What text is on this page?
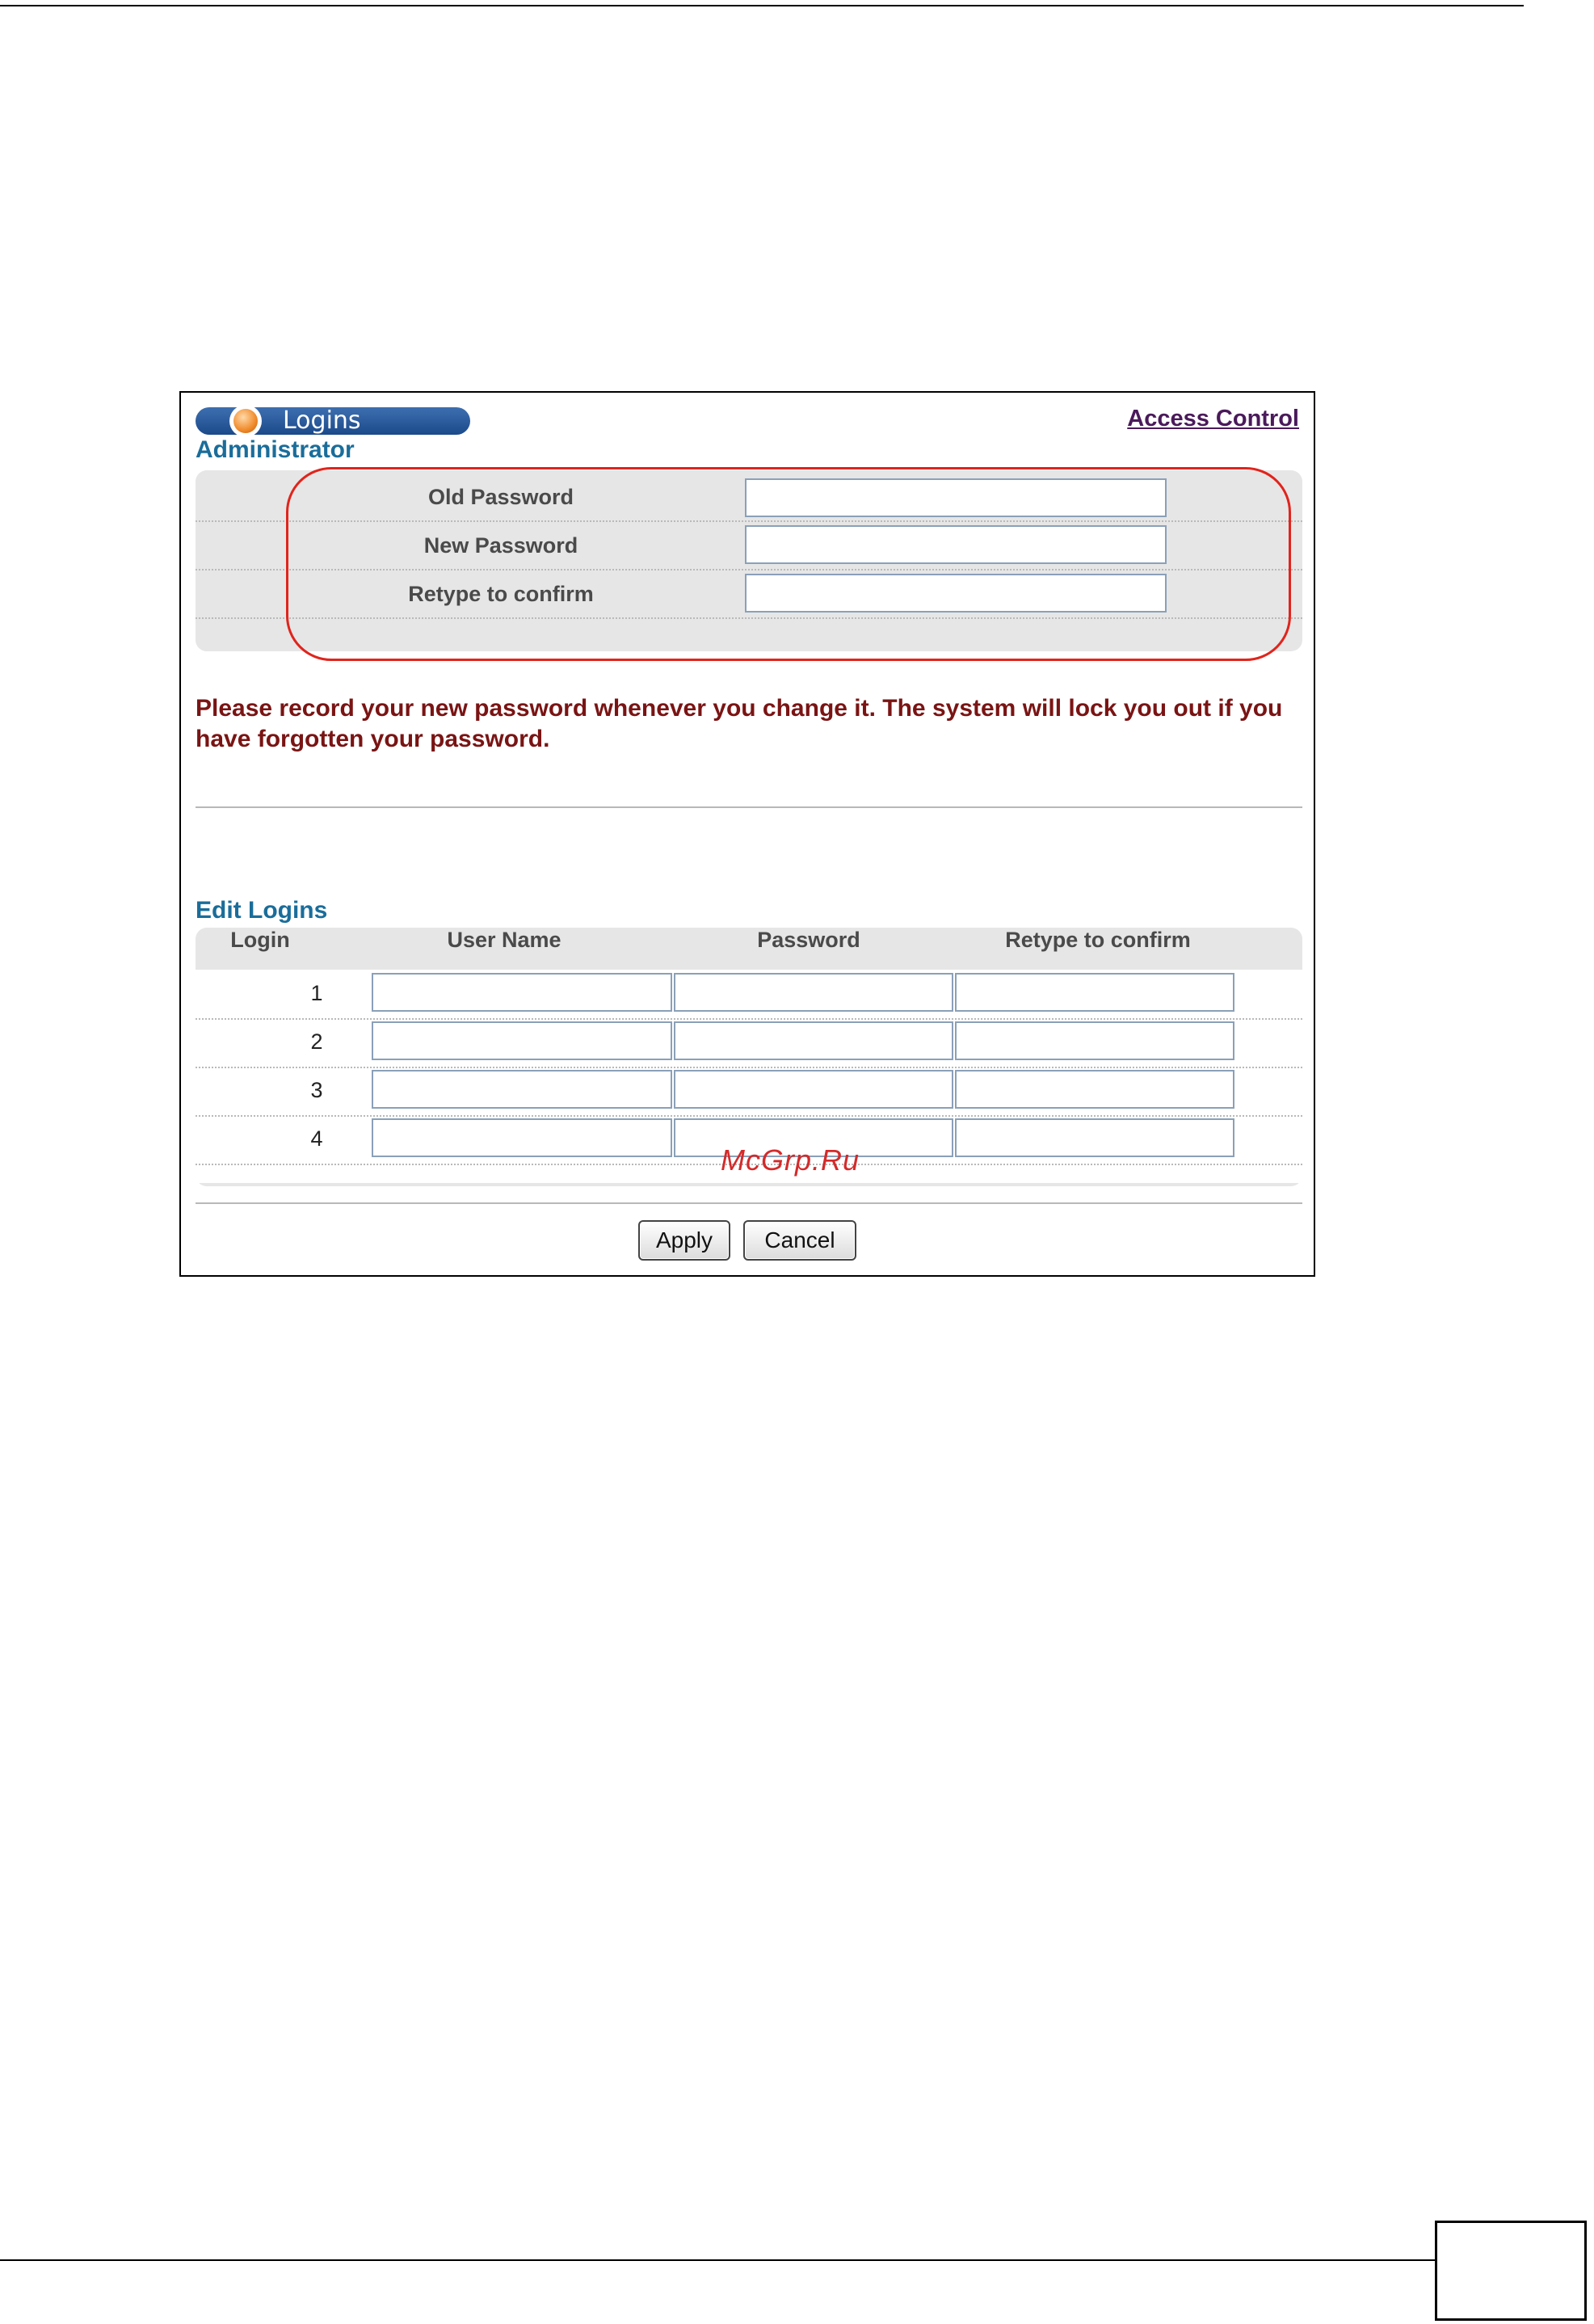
Logins	Access Control
Administrator
Old Password
New Password
Retype to confirm
Please record your new password whenever you change it. The system will lock you out if you have forgotten your password.
Edit Logins
Login	User Name	Password	Retype to confirm
1
2
3
4
McGrp.Ru
Apply	Cancel
